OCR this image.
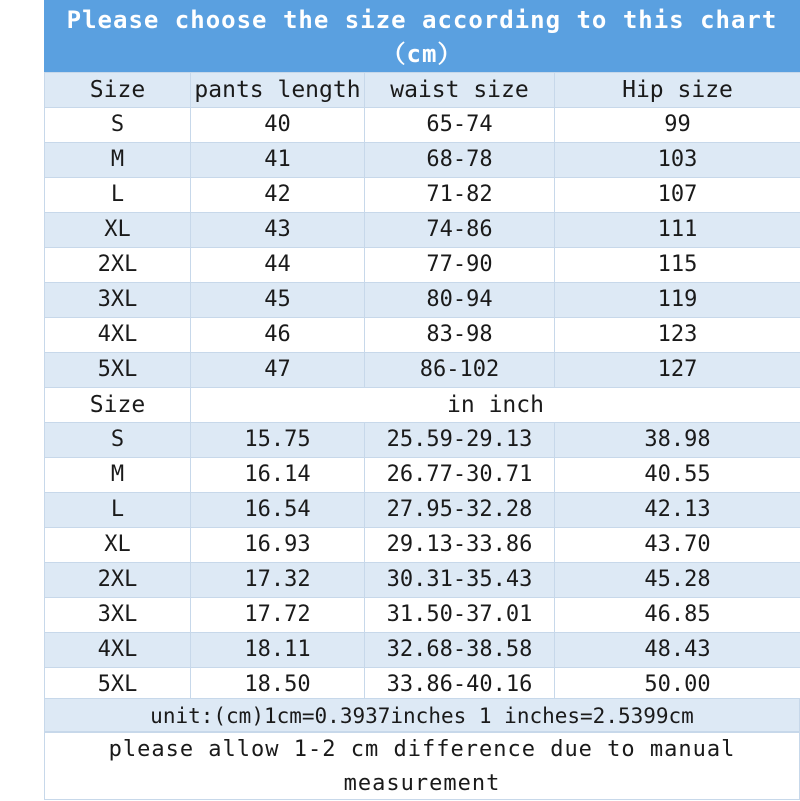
Please choose the size according to this chart（cm）
Size	pants length	waist size	Hip size
S	40	65-74	99
M	41	68-78	103
L	42	71-82	107
XL	43	74-86	111
2XL	44	77-90	115
3XL	45	80-94	119
4XL	46	83-98	123
5XL	47	86-102	127
Size	in inch		
S	15.75	25.59-29.13	38.98
M	16.14	26.77-30.71	40.55
L	16.54	27.95-32.28	42.13
XL	16.93	29.13-33.86	43.70
2XL	17.32	30.31-35.43	45.28
3XL	17.72	31.50-37.01	46.85
4XL	18.11	32.68-38.58	48.43
5XL	18.50	33.86-40.16	50.00
unit:(cm)1cm=0.3937inches 1 inches=2.5399cm
please allow 1-2 cm difference due to manual measurement
